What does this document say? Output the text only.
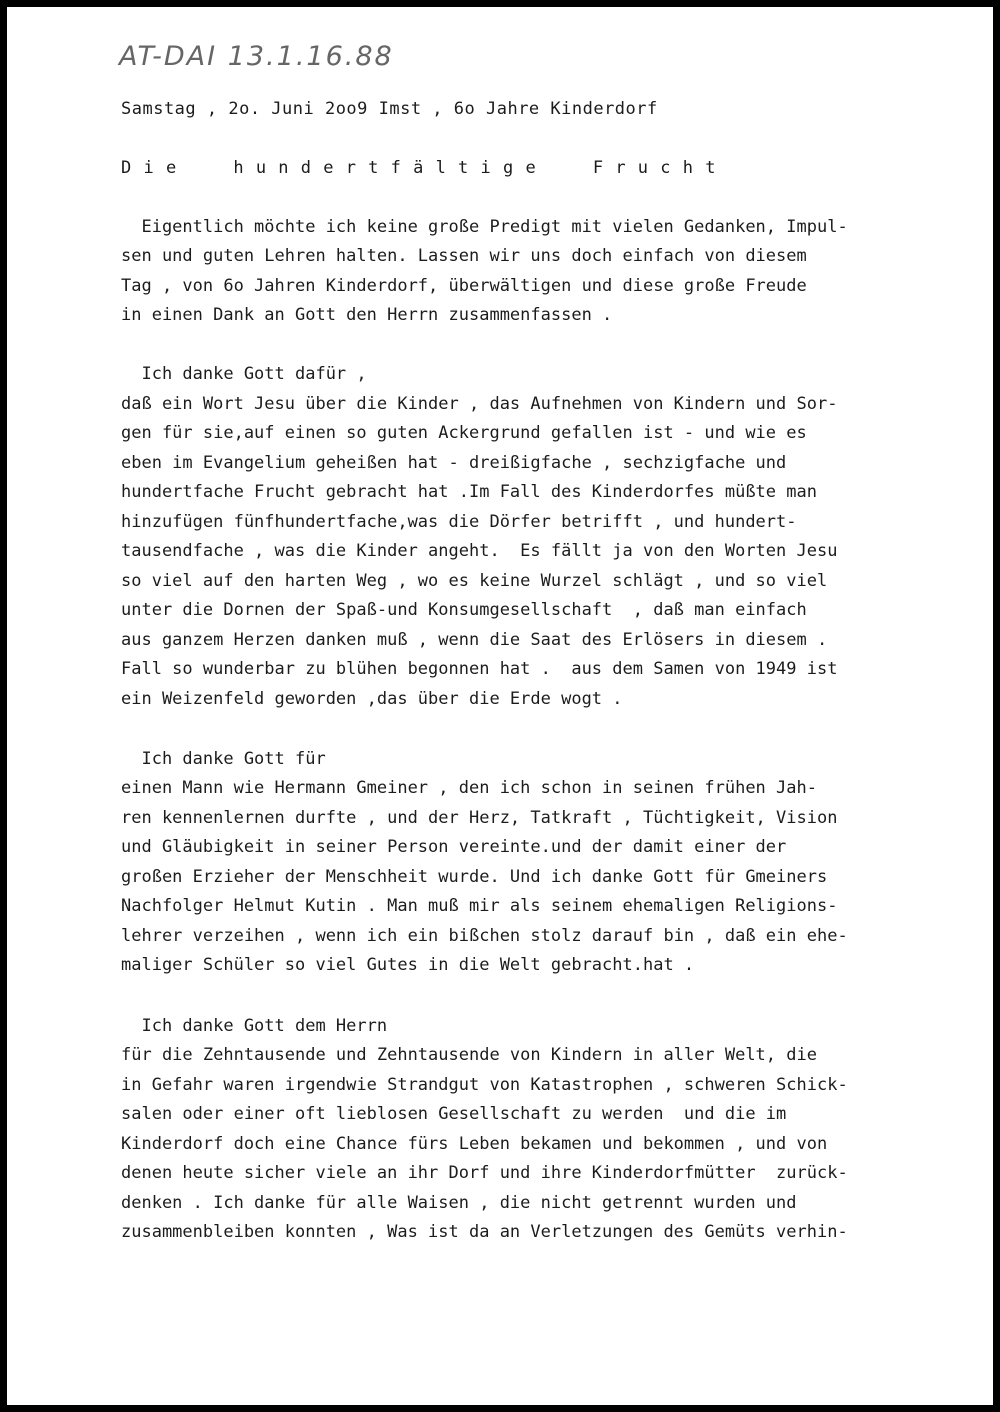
AT-DAI 13.1.16.88
Samstag , 2o. Juni 2oo9 Imst , 6o Jahre Kinderdorf
D i e     h u n d e r t f ä l t i g e     F r u c h t
Eigentlich möchte ich keine große Predigt mit vielen Gedanken, Impul-
sen und guten Lehren halten. Lassen wir uns doch einfach von diesem
Tag , von 6o Jahren Kinderdorf, überwältigen und diese große Freude
in einen Dank an Gott den Herrn zusammenfassen .
Ich danke Gott dafür ,
daß ein Wort Jesu über die Kinder , das Aufnehmen von Kindern und Sor-
gen für sie,auf einen so guten Ackergrund gefallen ist - und wie es
eben im Evangelium geheißen hat - dreißigfache , sechzigfache und
hundertfache Frucht gebracht hat .Im Fall des Kinderdorfes müßte man
hinzufügen fünfhundertfache,was die Dörfer betrifft , und hundert-
tausendfache , was die Kinder angeht.  Es fällt ja von den Worten Jesu
so viel auf den harten Weg , wo es keine Wurzel schlägt , und so viel
unter die Dornen der Spaß-und Konsumgesellschaft  , daß man einfach
aus ganzem Herzen danken muß , wenn die Saat des Erlösers in diesem .
Fall so wunderbar zu blühen begonnen hat .  aus dem Samen von 1949 ist
ein Weizenfeld geworden ,das über die Erde wogt .
Ich danke Gott für
einen Mann wie Hermann Gmeiner , den ich schon in seinen frühen Jah-
ren kennenlernen durfte , und der Herz, Tatkraft , Tüchtigkeit, Vision
und Gläubigkeit in seiner Person vereinte.und der damit einer der
großen Erzieher der Menschheit wurde. Und ich danke Gott für Gmeiners
Nachfolger Helmut Kutin . Man muß mir als seinem ehemaligen Religions-
lehrer verzeihen , wenn ich ein bißchen stolz darauf bin , daß ein ehe-
maliger Schüler so viel Gutes in die Welt gebracht.hat .
Ich danke Gott dem Herrn
für die Zehntausende und Zehntausende von Kindern in aller Welt, die
in Gefahr waren irgendwie Strandgut von Katastrophen , schweren Schick-
salen oder einer oft lieblosen Gesellschaft zu werden  und die im
Kinderdorf doch eine Chance fürs Leben bekamen und bekommen , und von
denen heute sicher viele an ihr Dorf und ihre Kinderdorfmütter  zurück-
denken . Ich danke für alle Waisen , die nicht getrennt wurden und
zusammenbleiben konnten , Was ist da an Verletzungen des Gemüts verhin-
